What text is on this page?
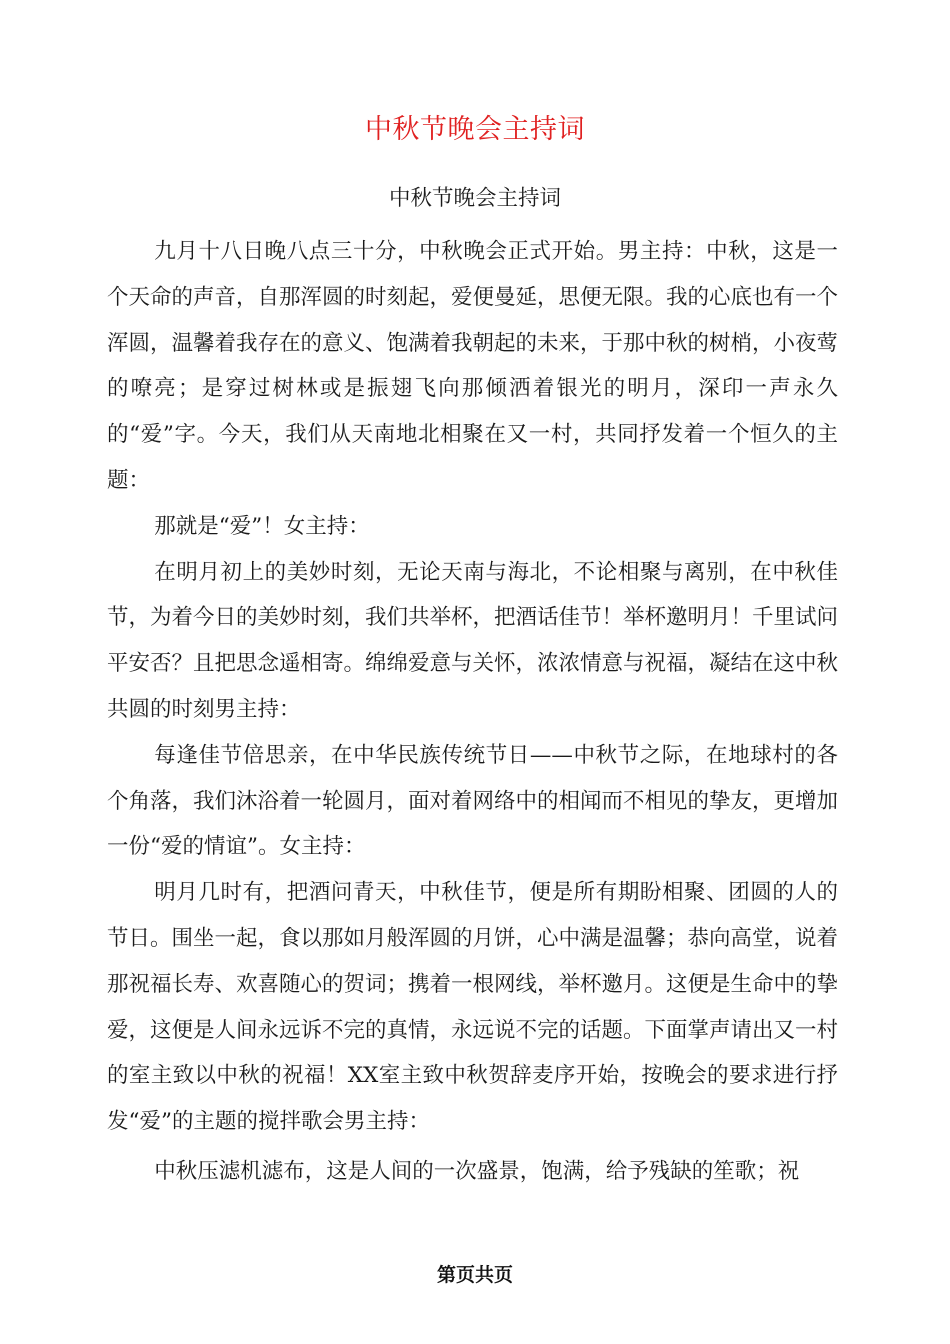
中秋节晚会主持词
中秋节晚会主持词

九月十八日晚八点三十分，中秋晚会正式开始。男主持：中秋，这是一个天命的声音，自那浑圆的时刻起，爱便曼延，思便无限。我的心底也有一个浑圆，温馨着我存在的意义、饱满着我朝起的未来，于那中秋的树梢，小夜莺的嘹亮；是穿过树林或是振翅飞向那倾洒着银光的明月，深印一声永久的“爱”字。今天，我们从天南地北相聚在又一村，共同抒发着一个恒久的主题：

那就是“爱”！女主持：

在明月初上的美妙时刻，无论天南与海北，不论相聚与离别，在中秋佳节，为着今日的美妙时刻，我们共举杯，把酒话佳节！举杯邀明月！千里试问平安否？且把思念遥相寄。绵绵爱意与关怀，浓浓情意与祝福，凝结在这中秋共圆的时刻男主持：

每逢佳节倍思亲，在中华民族传统节日——中秋节之际，在地球村的各个角落，我们沐浴着一轮圆月，面对着网络中的相闻而不相见的挚友，更增加一份“爱的情谊”。女主持：

明月几时有，把酒问青天，中秋佳节，便是所有期盼相聚、团圆的人的节日。围坐一起，食以那如月般浑圆的月饼，心中满是温馨；恭向高堂，说着那祝福长寿、欢喜随心的贺词；携着一根网线，举杯邀月。这便是生命中的挚爱，这便是人间永远诉不完的真情，永远说不完的话题。下面掌声请出又一村的室主致以中秋的祝福！XX室主致中秋贺辞麦序开始，按晚会的要求进行抒发“爱”的主题的搅拌歌会男主持：

中秋压滤机滤布，这是人间的一次盛景，饱满，给予残缺的笙歌；祝

第页共页
